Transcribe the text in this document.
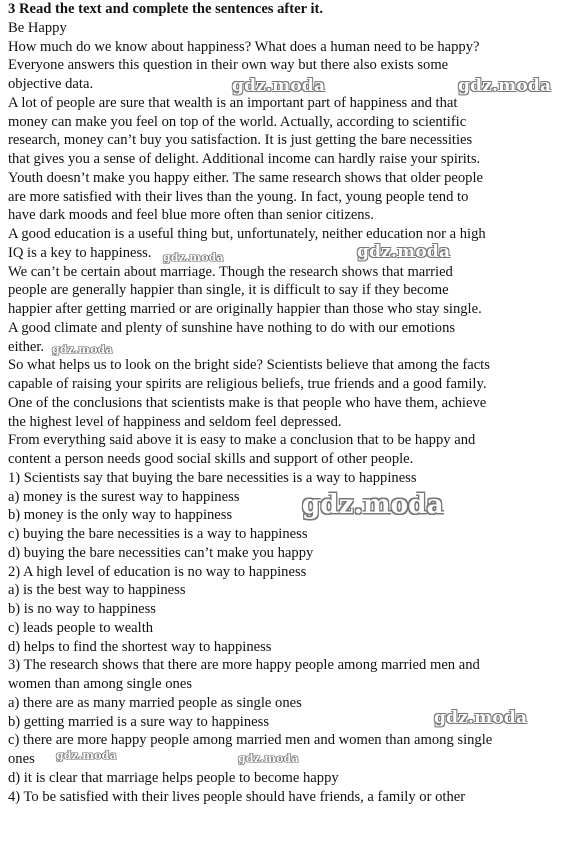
3 Read the text and complete the sentences after it.
Be Happy
How much do we know about happiness? What does a human need to be happy?
Everyone answers this question in their own way but there also exists some
objective data.
A lot of people are sure that wealth is an important part of happiness and that
money can make you feel on top of the world. Actually, according to scientific
research, money can’t buy you satisfaction. It is just getting the bare necessities
that gives you a sense of delight. Additional income can hardly raise your spirits.
Youth doesn’t make you happy either. The same research shows that older people
are more satisfied with their lives than the young. In fact, young people tend to
have dark moods and feel blue more often than senior citizens.
A good education is a useful thing but, unfortunately, neither education nor a high
IQ is a key to happiness.
We can’t be certain about marriage. Though the research shows that married
people are generally happier than single, it is difficult to say if they become
happier after getting married or are originally happier than those who stay single.
A good climate and plenty of sunshine have nothing to do with our emotions
either.
So what helps us to look on the bright side? Scientists believe that among the facts
capable of raising your spirits are religious beliefs, true friends and a good family.
One of the conclusions that scientists make is that people who have them, achieve
the highest level of happiness and seldom feel depressed.
From everything said above it is easy to make a conclusion that to be happy and
content a person needs good social skills and support of other people.
1) Scientists say that buying the bare necessities is a way to happiness
a) money is the surest way to happiness
b) money is the only way to happiness
c) buying the bare necessities is a way to happiness
d) buying the bare necessities can’t make you happy
2) A high level of education is no way to happiness
a) is the best way to happiness
b) is no way to happiness
c) leads people to wealth
d) helps to find the shortest way to happiness
3) The research shows that there are more happy people among married men and
women than among single ones
a) there are as many married people as single ones
b) getting married is a sure way to happiness
c) there are more happy people among married men and women than among single
ones
d) it is clear that marriage helps people to become happy
4) To be satisfied with their lives people should have friends, a family or other
gdz.moda	gdz.moda
gdz.moda	gdz.moda
gdz.moda
gdz.moda
gdz.moda
gdz.moda	gdz.moda
